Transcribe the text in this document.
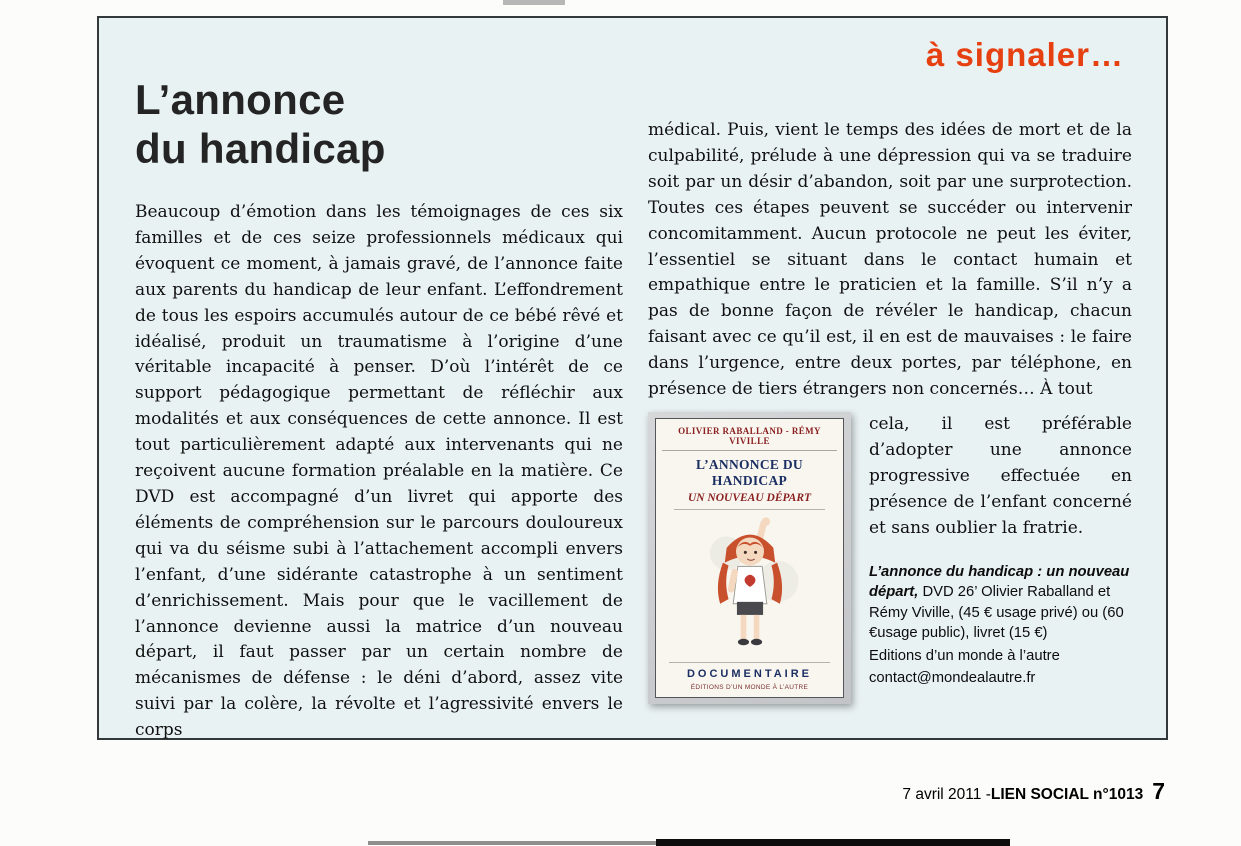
à signaler…
L’annonce
du handicap

Beaucoup d’émotion dans les témoignages de ces six familles et de ces seize professionnels médicaux qui évoquent ce moment, à jamais gravé, de l’annonce faite aux parents du handicap de leur enfant. L’effondrement de tous les espoirs accumulés autour de ce bébé rêvé et idéalisé, produit un traumatisme à l’origine d’une véritable incapacité à penser. D’où l’intérêt de ce support pédagogique permettant de réfléchir aux modalités et aux conséquences de cette annonce. Il est tout particulièrement adapté aux intervenants qui ne reçoivent aucune formation préalable en la matière. Ce DVD est accompagné d’un livret qui apporte des éléments de compréhension sur le parcours douloureux qui va du séisme subi à l’attachement accompli envers l’enfant, d’une sidérante catastrophe à un sentiment d’enrichissement. Mais pour que le vacillement de l’annonce devienne aussi la matrice d’un nouveau départ, il faut passer par un certain nombre de mécanismes de défense : le déni d’abord, assez vite suivi par la colère, la révolte et l’agressivité envers le corps

médical. Puis, vient le temps des idées de mort et de la culpabilité, prélude à une dépression qui va se traduire soit par un désir d’abandon, soit par une surprotection. Toutes ces étapes peuvent se succéder ou intervenir concomitamment. Aucun protocole ne peut les éviter, l’essentiel se situant dans le contact humain et empathique entre le praticien et la famille. S’il n’y a pas de bonne façon de révéler le handicap, chacun faisant avec ce qu’il est, il en est de mauvaises : le faire dans l’urgence, entre deux portes, par téléphone, en présence de tiers étrangers non concernés… À tout

OLIVIER RABALLAND - RÉMY VIVILLE
L’ANNONCE DU HANDICAP
UN NOUVEAU DÉPART
DOCUMENTAIRE
ÉDITIONS D’UN MONDE À L’AUTRE

cela, il est préférable d’adopter une annonce progressive effectuée en présence de l’enfant concerné et sans oublier la fratrie.

L’annonce du handicap : un nouveau départ, DVD 26’ Olivier Raballand et Rémy Viville, (45 € usage privé) ou (60 €usage public), livret (15 €)

Editions d’un monde à l’autre
contact@mondealautre.fr
7 avril 2011 - LIEN SOCIAL n°1013 7
